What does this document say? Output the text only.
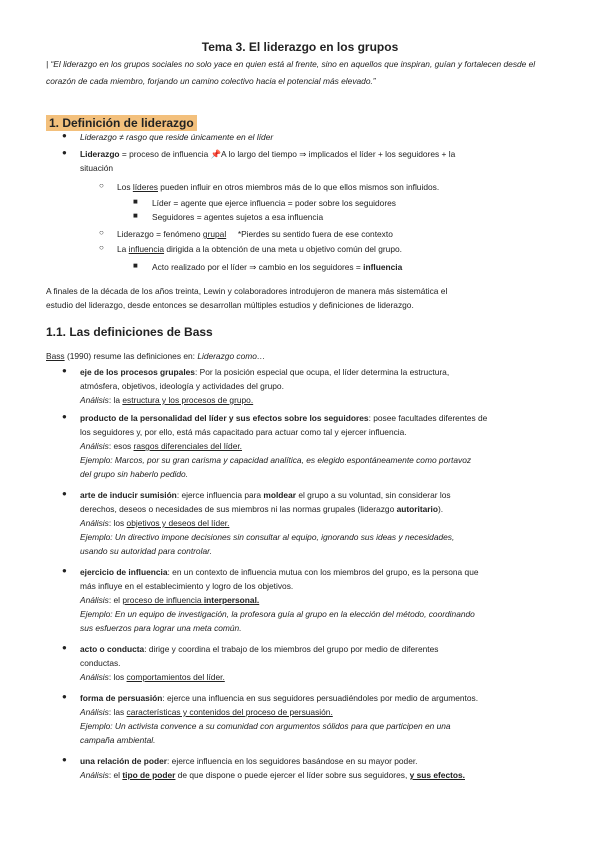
Tema 3. El liderazgo en los grupos
| “El liderazgo en los grupos sociales no solo yace en quien está al frente, sino en aquellos que inspiran, guían y fortalecen desde el corazón de cada miembro, forjando un camino colectivo hacia el potencial más elevado.”
1. Definición de liderazgo
●
Liderazgo ≠ rasgo que reside únicamente en el líder
●
Liderazgo = proceso de influencia 📌A lo largo del tiempo ⇒ implicados el líder + los seguidores + la
situación
○
Los líderes pueden influir en otros miembros más de lo que ellos mismos son influidos.
■
Líder = agente que ejerce influencia = poder sobre los seguidores
■
Seguidores = agentes sujetos a esa influencia
○
Liderazgo = fenómeno grupal     *Pierdes su sentido fuera de ese contexto
○
La influencia dirigida a la obtención de una meta u objetivo común del grupo.
■
Acto realizado por el líder ⇒ cambio en los seguidores = influencia
A finales de la década de los años treinta, Lewin y colaboradores introdujeron de manera más sistemática el
estudio del liderazgo, desde entonces se desarrollan múltiples estudios y definiciones de liderazgo.
1.1. Las definiciones de Bass
Bass (1990) resume las definiciones en: Liderazgo como…
●
eje de los procesos grupales: Por la posición especial que ocupa, el líder determina la estructura,
atmósfera, objetivos, ideología y actividades del grupo.
Análisis: la estructura y los procesos de grupo.
●
producto de la personalidad del líder y sus efectos sobre los seguidores: posee facultades diferentes de
los seguidores y, por ello, está más capacitado para actuar como tal y ejercer influencia.
Análisis: esos rasgos diferenciales del líder.
Ejemplo: Marcos, por su gran carisma y capacidad analítica, es elegido espontáneamente como portavoz
del grupo sin haberlo pedido.
●
arte de inducir sumisión: ejerce influencia para moldear el grupo a su voluntad, sin considerar los
derechos, deseos o necesidades de sus miembros ni las normas grupales (liderazgo autoritario).
Análisis: los objetivos y deseos del líder.
Ejemplo: Un directivo impone decisiones sin consultar al equipo, ignorando sus ideas y necesidades,
usando su autoridad para controlar.
●
ejercicio de influencia: en un contexto de influencia mutua con los miembros del grupo, es la persona que
más influye en el establecimiento y logro de los objetivos.
Análisis: el proceso de influencia interpersonal.
Ejemplo: En un equipo de investigación, la profesora guía al grupo en la elección del método, coordinando
sus esfuerzos para lograr una meta común.
●
acto o conducta: dirige y coordina el trabajo de los miembros del grupo por medio de diferentes
conductas.
Análisis: los comportamientos del líder.
●
forma de persuasión: ejerce una influencia en sus seguidores persuadiéndoles por medio de argumentos.
Análisis: las características y contenidos del proceso de persuasión.
Ejemplo: Un activista convence a su comunidad con argumentos sólidos para que participen en una
campaña ambiental.
●
una relación de poder: ejerce influencia en los seguidores basándose en su mayor poder.
Análisis: el tipo de poder de que dispone o puede ejercer el líder sobre sus seguidores, y sus efectos.
